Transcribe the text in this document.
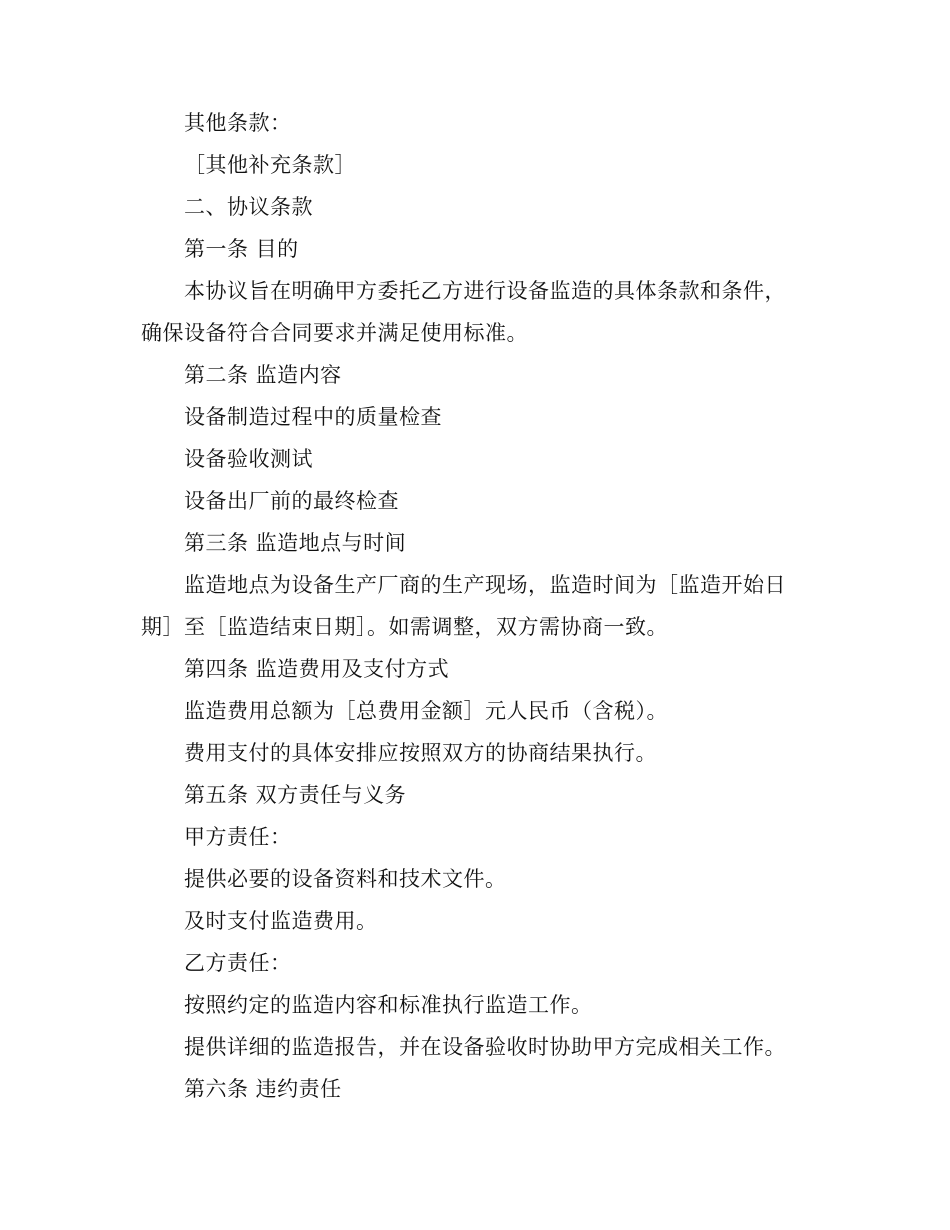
其他条款：

［其他补充条款］

二、协议条款

第一条 目的

本协议旨在明确甲方委托乙方进行设备监造的具体条款和条件，确保设备符合合同要求并满足使用标准。

第二条 监造内容

设备制造过程中的质量检查

设备验收测试

设备出厂前的最终检查

第三条 监造地点与时间

监造地点为设备生产厂商的生产现场，监造时间为［监造开始日期］至［监造结束日期］。如需调整，双方需协商一致。

第四条 监造费用及支付方式

监造费用总额为［总费用金额］元人民币（含税）。

费用支付的具体安排应按照双方的协商结果执行。

第五条 双方责任与义务

甲方责任：

提供必要的设备资料和技术文件。

及时支付监造费用。

乙方责任：

按照约定的监造内容和标准执行监造工作。

提供详细的监造报告，并在设备验收时协助甲方完成相关工作。

第六条 违约责任
